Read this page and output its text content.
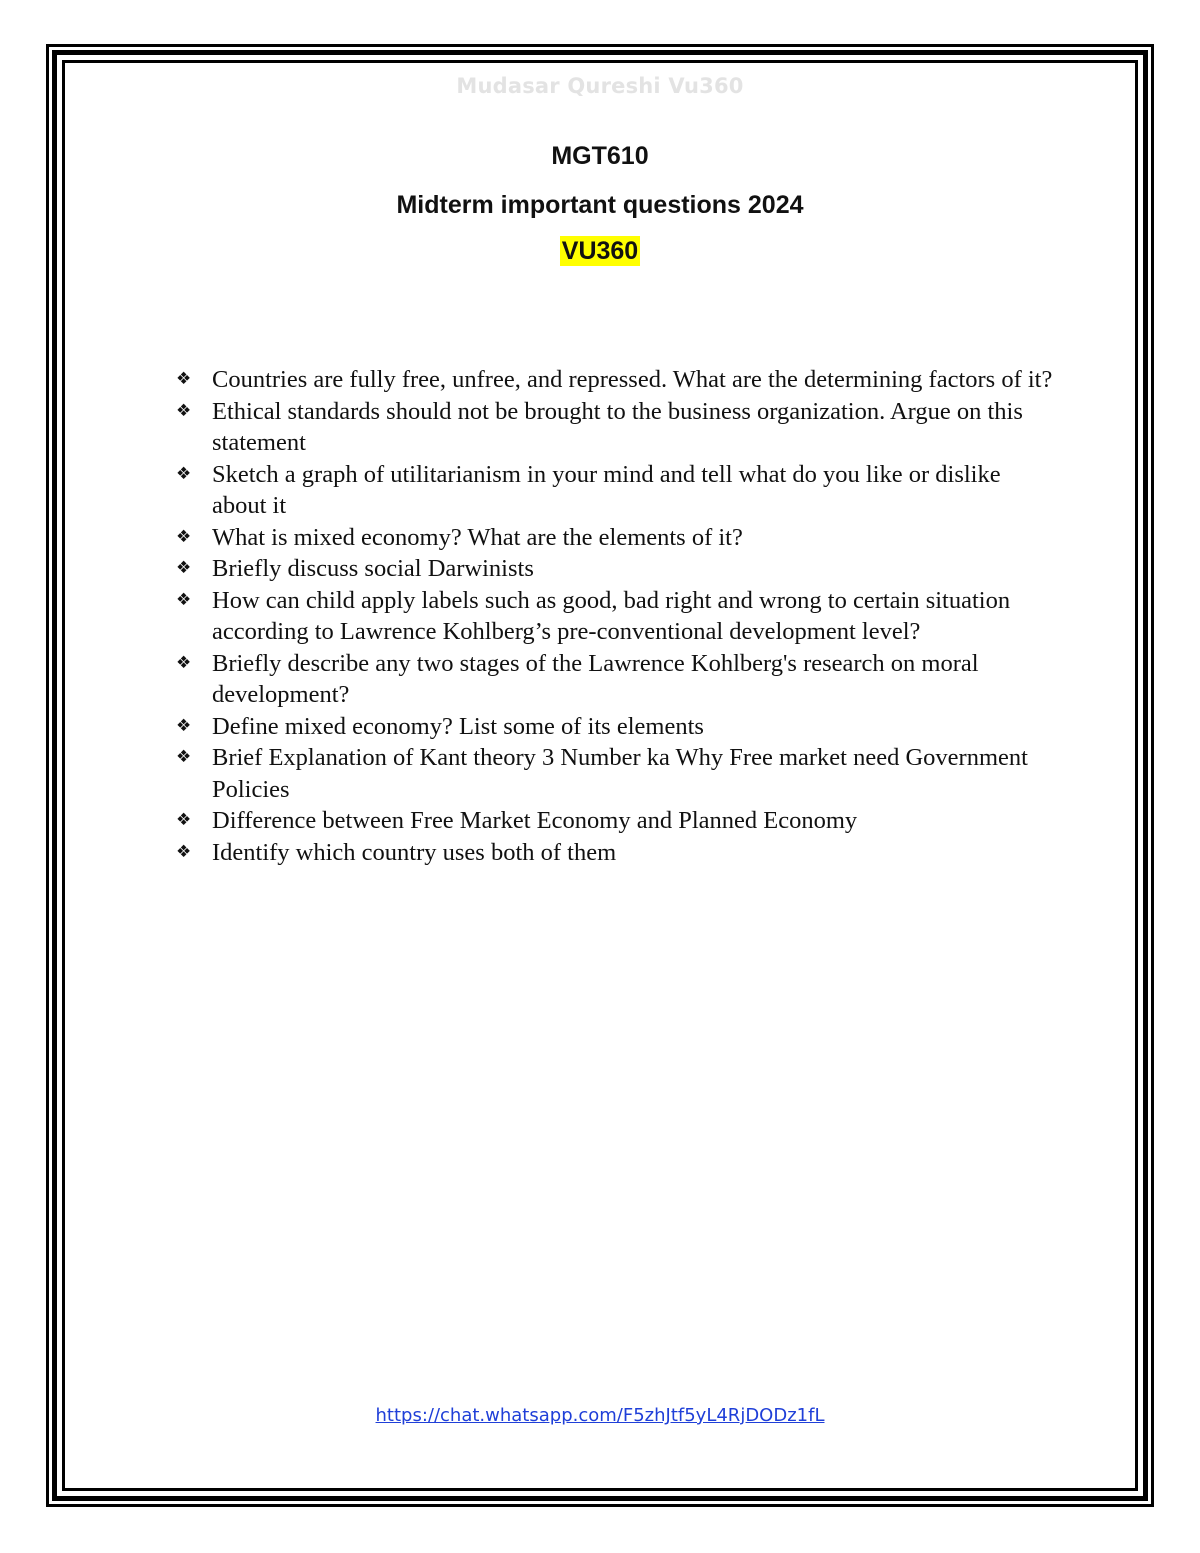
Mudasar Qureshi Vu360
MGT610
Midterm important questions 2024
VU360
❖ Countries are fully free, unfree, and repressed. What are the determining factors of it?
❖ Ethical standards should not be brought to the business organization. Argue on this statement
❖ Sketch a graph of utilitarianism in your mind and tell what do you like or dislike about it
❖ What is mixed economy? What are the elements of it?
❖ Briefly discuss social Darwinists
❖ How can child apply labels such as good, bad right and wrong to certain situation according to Lawrence Kohlberg’s pre-conventional development level?
❖ Briefly describe any two stages of the Lawrence Kohlberg's research on moral development?
❖ Define mixed economy? List some of its elements
❖ Brief Explanation of Kant theory 3 Number ka Why Free market need Government Policies
❖ Difference between Free Market Economy and Planned Economy
❖ Identify which country uses both of them
https://chat.whatsapp.com/F5zhJtf5yL4RjDODz1fL
